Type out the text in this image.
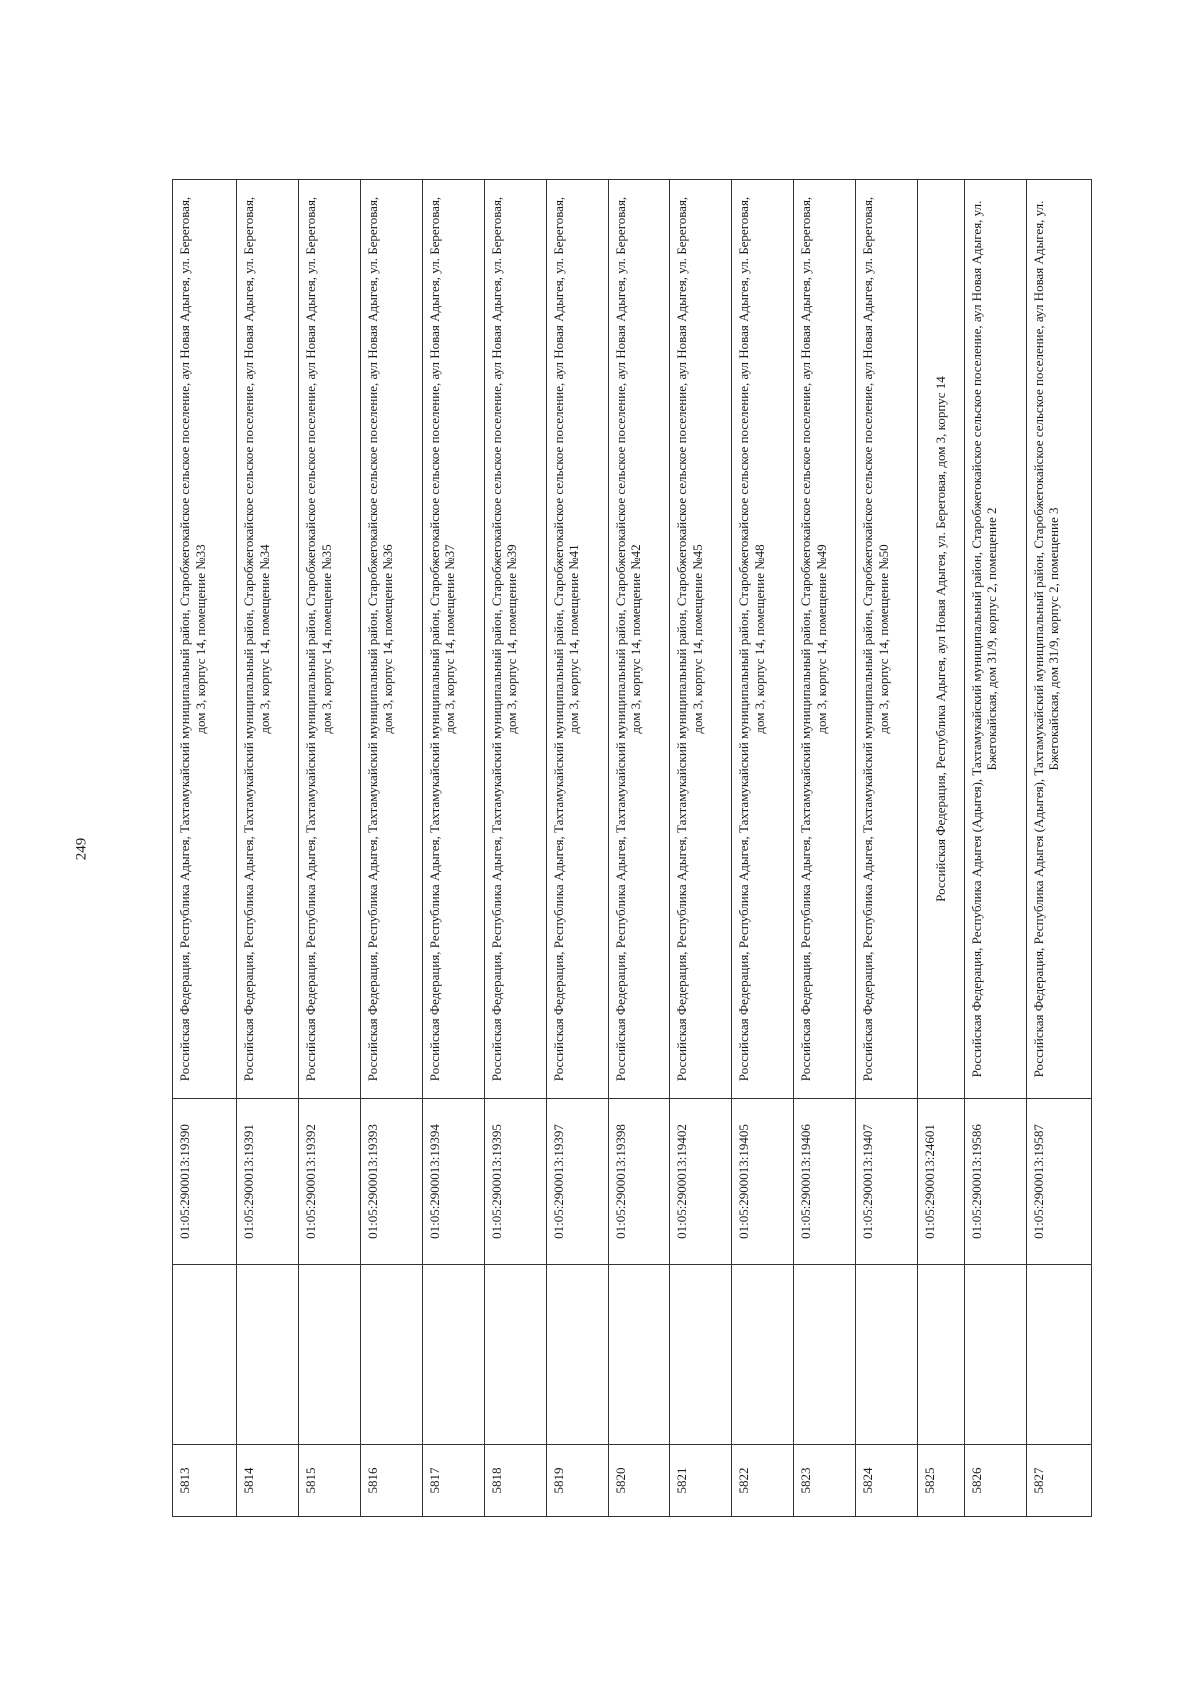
249
5813		01:05:2900013:19390	Российская Федерация, Республика Адыгея, Тахтамукайский муниципальный район, Старобжегокайское сельское поселение, аул Новая Адыгея, ул. Береговая, дом 3, корпус 14, помещение №33
5814		01:05:2900013:19391	Российская Федерация, Республика Адыгея, Тахтамукайский муниципальный район, Старобжегокайское сельское поселение, аул Новая Адыгея, ул. Береговая, дом 3, корпус 14, помещение №34
5815		01:05:2900013:19392	Российская Федерация, Республика Адыгея, Тахтамукайский муниципальный район, Старобжегокайское сельское поселение, аул Новая Адыгея, ул. Береговая, дом 3, корпус 14, помещение №35
5816		01:05:2900013:19393	Российская Федерация, Республика Адыгея, Тахтамукайский муниципальный район, Старобжегокайское сельское поселение, аул Новая Адыгея, ул. Береговая, дом 3, корпус 14, помещение №36
5817		01:05:2900013:19394	Российская Федерация, Республика Адыгея, Тахтамукайский муниципальный район, Старобжегокайское сельское поселение, аул Новая Адыгея, ул. Береговая, дом 3, корпус 14, помещение №37
5818		01:05:2900013:19395	Российская Федерация, Республика Адыгея, Тахтамукайский муниципальный район, Старобжегокайское сельское поселение, аул Новая Адыгея, ул. Береговая, дом 3, корпус 14, помещение №39
5819		01:05:2900013:19397	Российская Федерация, Республика Адыгея, Тахтамукайский муниципальный район, Старобжегокайское сельское поселение, аул Новая Адыгея, ул. Береговая, дом 3, корпус 14, помещение №41
5820		01:05:2900013:19398	Российская Федерация, Республика Адыгея, Тахтамукайский муниципальный район, Старобжегокайское сельское поселение, аул Новая Адыгея, ул. Береговая, дом 3, корпус 14, помещение №42
5821		01:05:2900013:19402	Российская Федерация, Республика Адыгея, Тахтамукайский муниципальный район, Старобжегокайское сельское поселение, аул Новая Адыгея, ул. Береговая, дом 3, корпус 14, помещение №45
5822		01:05:2900013:19405	Российская Федерация, Республика Адыгея, Тахтамукайский муниципальный район, Старобжегокайское сельское поселение, аул Новая Адыгея, ул. Береговая, дом 3, корпус 14, помещение №48
5823		01:05:2900013:19406	Российская Федерация, Республика Адыгея, Тахтамукайский муниципальный район, Старобжегокайское сельское поселение, аул Новая Адыгея, ул. Береговая, дом 3, корпус 14, помещение №49
5824		01:05:2900013:19407	Российская Федерация, Республика Адыгея, Тахтамукайский муниципальный район, Старобжегокайское сельское поселение, аул Новая Адыгея, ул. Береговая, дом 3, корпус 14, помещение №50
5825		01:05:2900013:24601	Российская Федерация, Республика Адыгея, аул Новая Адыгея, ул. Береговая, дом 3, корпус 14
5826		01:05:2900013:19586	Российская Федерация, Республика Адыгея (Адыгея), Тахтамукайский муниципальный район, Старобжегокайское сельское поселение, аул Новая Адыгея, ул. Бжегокайская, дом 31/9, корпус 2, помещение 2
5827		01:05:2900013:19587	Российская Федерация, Республика Адыгея (Адыгея), Тахтамукайский муниципальный район, Старобжегокайское сельское поселение, аул Новая Адыгея, ул. Бжегокайская, дом 31/9, корпус 2, помещение 3
